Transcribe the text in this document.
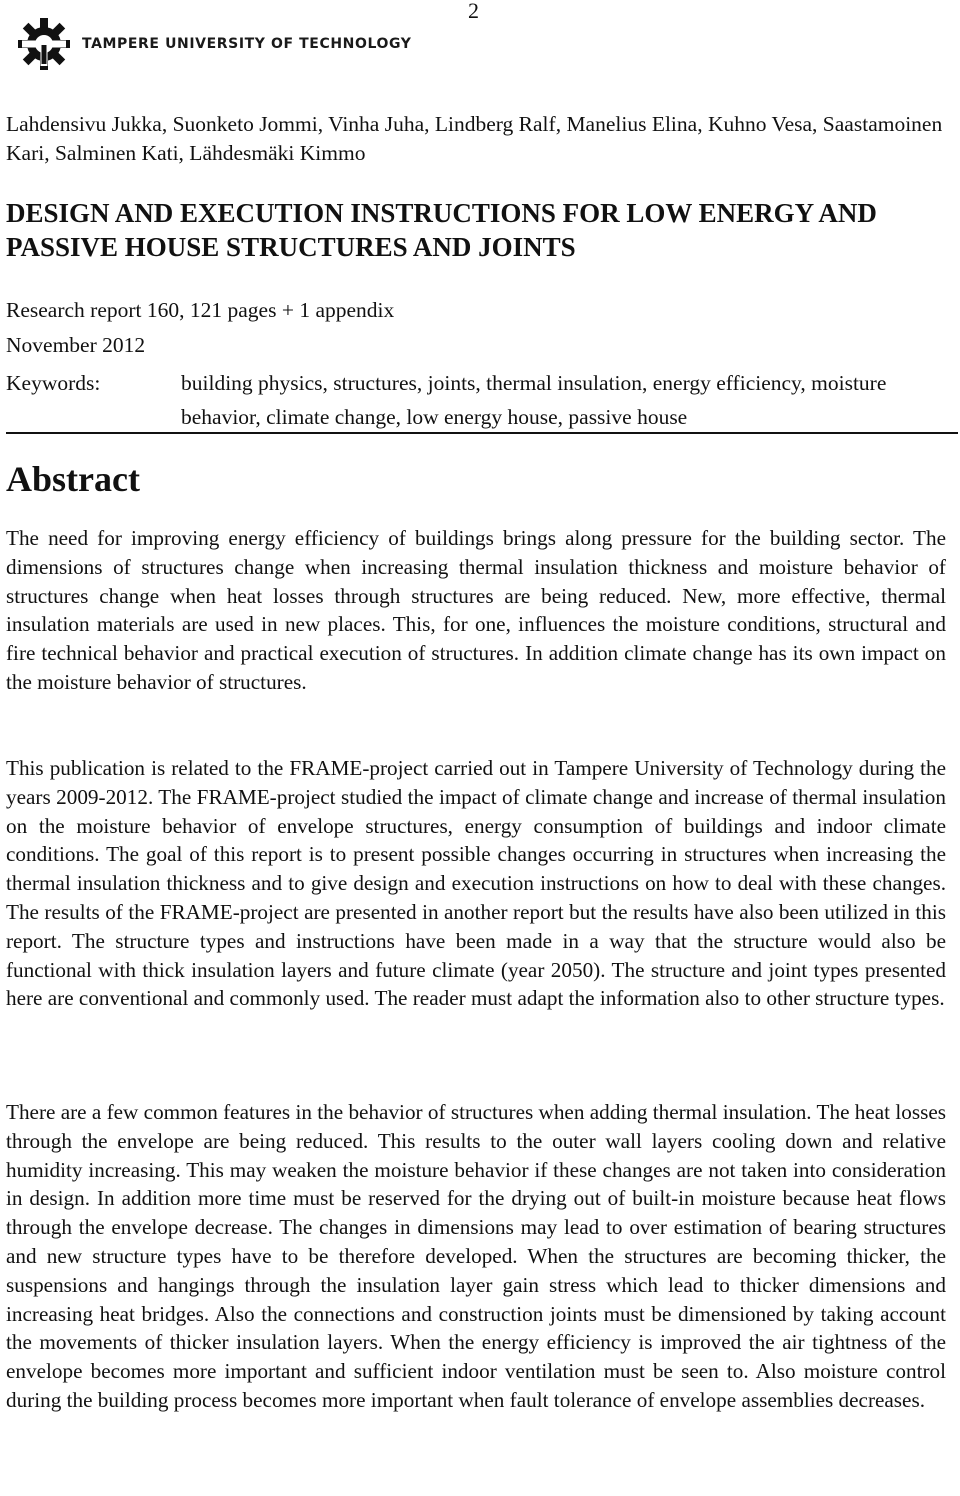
2
TAMPERE UNIVERSITY OF TECHNOLOGY
Lahdensivu Jukka, Suonketo Jommi, Vinha Juha, Lindberg Ralf, Manelius Elina, Kuhno Vesa, Saastamoinen Kari, Salminen Kati, Lähdesmäki Kimmo
DESIGN AND EXECUTION INSTRUCTIONS FOR LOW ENERGY AND PASSIVE HOUSE STRUCTURES AND JOINTS
Research report 160, 121 pages + 1 appendix
November 2012
Keywords:	building physics, structures, joints, thermal insulation, energy efficiency, moisture behavior, climate change, low energy house, passive house
Abstract

The need for improving energy efficiency of buildings brings along pressure for the building sector. The dimensions of structures change when increasing thermal insulation thickness and moisture behavior of structures change when heat losses through structures are being reduced. New, more effective, thermal insulation materials are used in new places. This, for one, influences the moisture conditions, structural and fire technical behavior and practical execution of structures. In addition climate change has its own impact on the moisture behavior of structures.

This publication is related to the FRAME-project carried out in Tampere University of Technology during the years 2009-2012. The FRAME-project studied the impact of climate change and increase of thermal insulation on the moisture behavior of envelope structures, energy consumption of buildings and indoor climate conditions. The goal of this report is to present possible changes occurring in structures when increasing the thermal insulation thickness and to give design and execution instructions on how to deal with these changes. The results of the FRAME-project are presented in another report but the results have also been utilized in this report. The structure types and instructions have been made in a way that the structure would also be functional with thick insulation layers and future climate (year 2050). The structure and joint types presented here are conventional and commonly used. The reader must adapt the information also to other structure types.

There are a few common features in the behavior of structures when adding thermal insulation. The heat losses through the envelope are being reduced. This results to the outer wall layers cooling down and relative humidity increasing. This may weaken the moisture behavior if these changes are not taken into consideration in design. In addition more time must be reserved for the drying out of built-in moisture because heat flows through the envelope decrease. The changes in dimensions may lead to over estimation of bearing structures and new structure types have to be therefore developed. When the structures are becoming thicker, the suspensions and hangings through the insulation layer gain stress which lead to thicker dimensions and increasing heat bridges. Also the connections and construction joints must be dimensioned by taking account the movements of thicker insulation layers. When the energy efficiency is improved the air tightness of the envelope becomes more important and sufficient indoor ventilation must be seen to. Also moisture control during the building process becomes more important when fault tolerance of envelope assemblies decreases.
